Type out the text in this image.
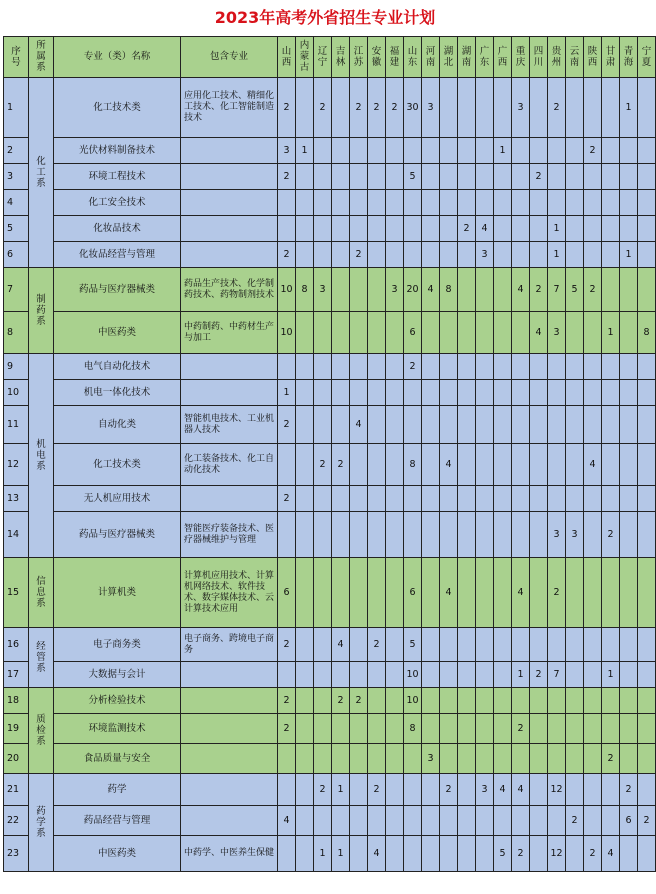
2023年高考外省招生专业计划
序号	所属系	专业（类）名称	包含专业	山西	内蒙古	辽宁	吉林	江苏	安徽	福建	山东	河南	湖北	湖南	广东	广西	重庆	四川	贵州	云南	陕西	甘肃	青海	宁夏
1	化工系	化工技术类	应用化工技术、精细化工技术、化工智能制造技术	2		2		2	2	2	30	3					3		2				1	
2		光伏材料制备技术		3	1											1					2			
3		环境工程技术		2							5							2						
4		化工安全技术																						
5		化妆品技术												2	4				1					
6		化妆品经营与管理		2				2							3				1				1	
7	制药系	药品与医疗器械类	药品生产技术、化学制药技术、药物制剂技术	10	8	3				3	20	4	8				4	2	7	5	2			
8		中医药类	中药制药、中药材生产与加工	10							6							4	3			1		8
9	机电系	电气自动化技术									2													
10		机电一体化技术		1																				
11		自动化类	智能机电技术、工业机器人技术	2				4																
12		化工技术类	化工装备技术、化工自动化技术			2	2				8		4								4			
13		无人机应用技术		2																				
14		药品与医疗器械类	智能医疗装备技术、医疗器械维护与管理																3	3		2		
15	信息系	计算机类	计算机应用技术、计算机网络技术、软件技术、数字媒体技术、云计算技术应用	6							6		4				4		2					
16	经管系	电子商务类	电子商务、跨境电子商务	2			4		2		5													
17		大数据与会计									10						1	2	7			1		
18	质检系	分析检验技术		2			2	2			10													
19		环境监测技术		2							8						2							
20		食品质量与安全										3										2		
21	药学系	药学				2	1		2				2		3	4	4		12				2	
22		药品经营与管理		4																2			6	2
23		中医药类	中药学、中医养生保健			1	1		4							5	2		12		2	4		
